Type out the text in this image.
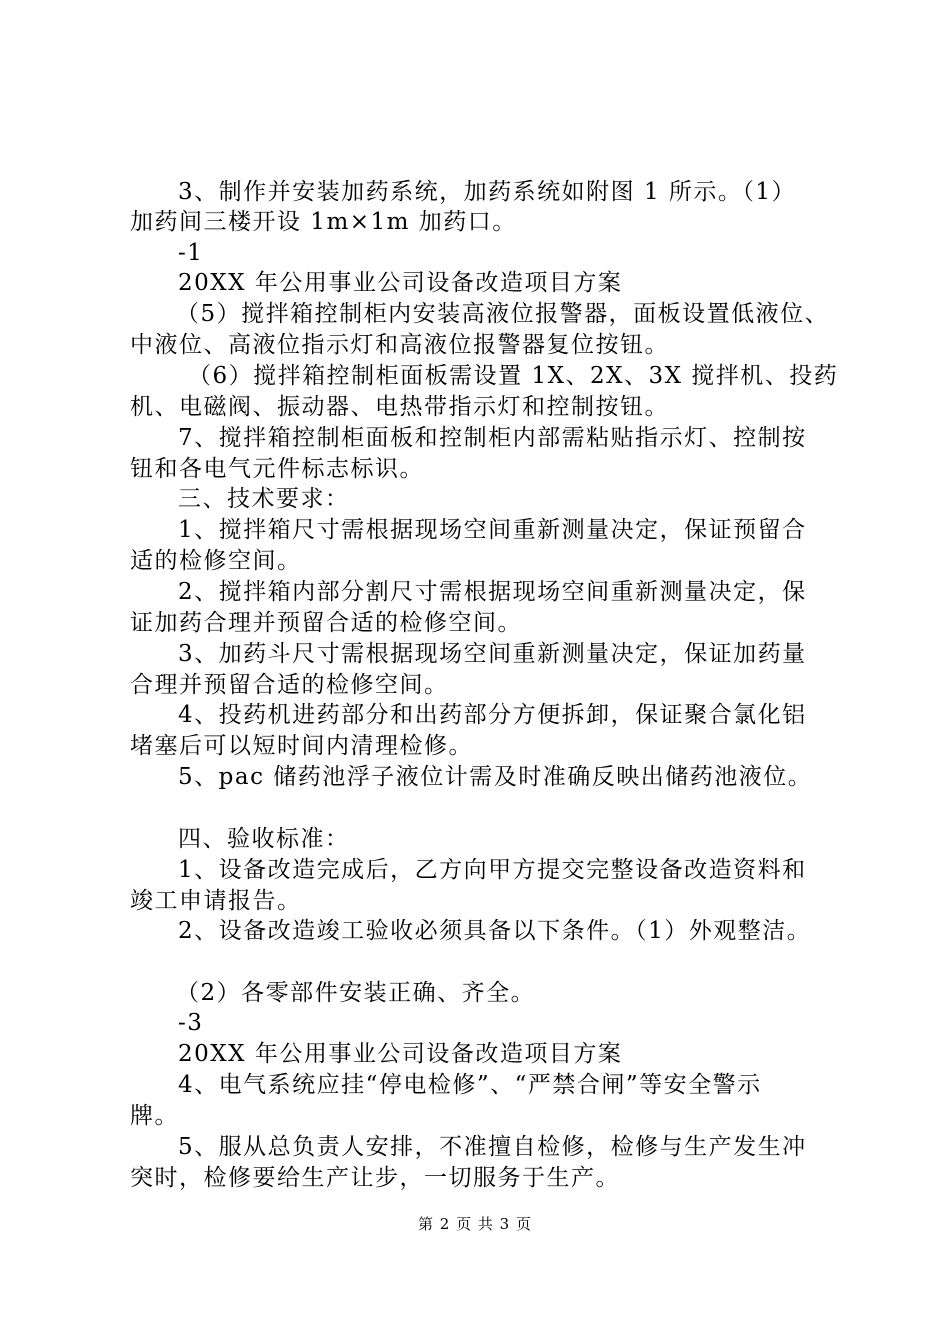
3、制作并安装加药系统，加药系统如附图 1 所示。（1）
加药间三楼开设 1m×1m 加药口。
-1
20XX 年公用事业公司设备改造项目方案
（5）搅拌箱控制柜内安装高液位报警器，面板设置低液位、
中液位、高液位指示灯和高液位报警器复位按钮。
（6）搅拌箱控制柜面板需设置 1X、2X、3X 搅拌机、投药
机、电磁阀、振动器、电热带指示灯和控制按钮。
7、搅拌箱控制柜面板和控制柜内部需粘贴指示灯、控制按
钮和各电气元件标志标识。
三、技术要求：
1、搅拌箱尺寸需根据现场空间重新测量决定，保证预留合
适的检修空间。
2、搅拌箱内部分割尺寸需根据现场空间重新测量决定，保
证加药合理并预留合适的检修空间。
3、加药斗尺寸需根据现场空间重新测量决定，保证加药量
合理并预留合适的检修空间。
4、投药机进药部分和出药部分方便拆卸，保证聚合氯化铝
堵塞后可以短时间内清理检修。
5、pac 储药池浮子液位计需及时准确反映出储药池液位。
四、验收标准：
1、设备改造完成后，乙方向甲方提交完整设备改造资料和
竣工申请报告。
2、设备改造竣工验收必须具备以下条件。（1）外观整洁。
（2）各零部件安装正确、齐全。
-3
20XX 年公用事业公司设备改造项目方案
4、电气系统应挂“停电检修”、“严禁合闸”等安全警示
牌。
5、服从总负责人安排，不准擅自检修，检修与生产发生冲
突时，检修要给生产让步，一切服务于生产。
第 2 页 共 3 页
